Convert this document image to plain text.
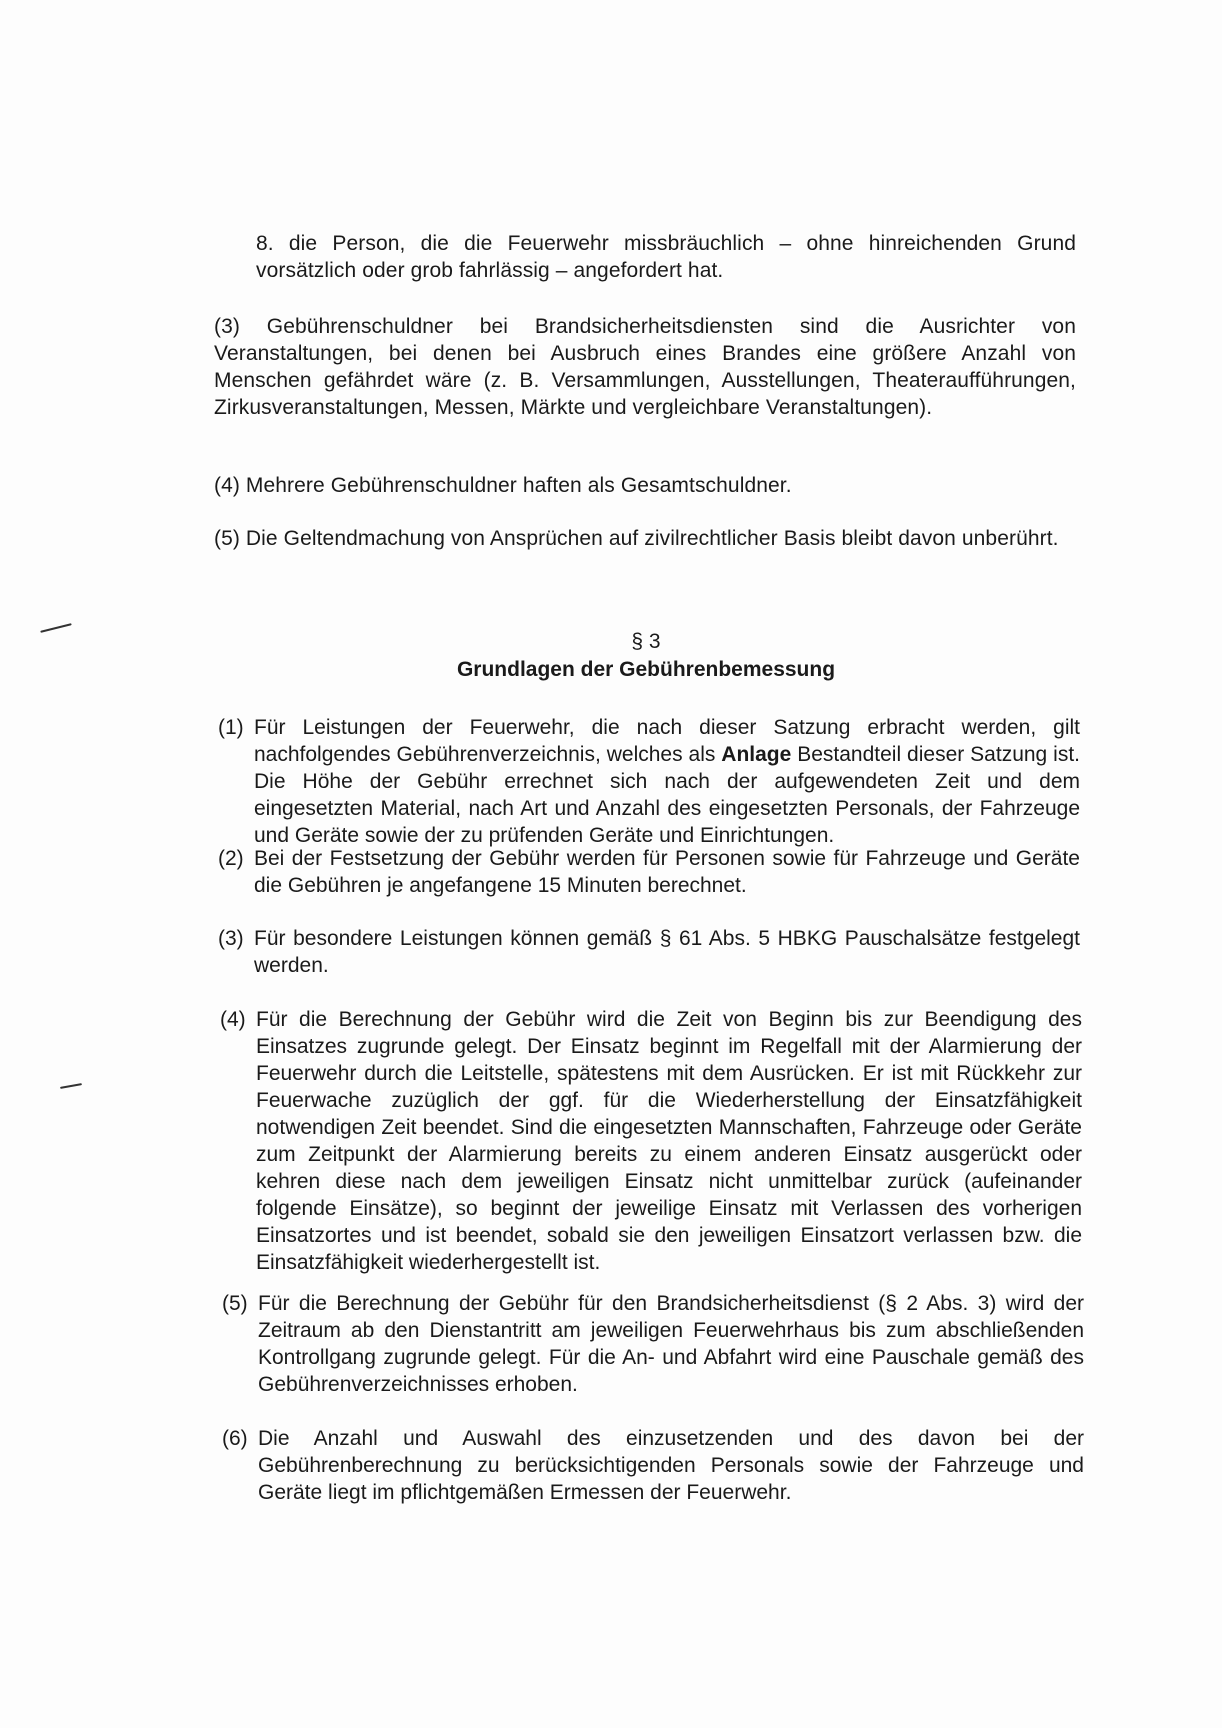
8. die Person, die die Feuerwehr missbräuchlich – ohne hinreichenden Grund vorsätzlich oder grob fahrlässig – angefordert hat.

(3) Gebührenschuldner bei Brandsicherheitsdiensten sind die Ausrichter von Veranstaltungen, bei denen bei Ausbruch eines Brandes eine größere Anzahl von Menschen gefährdet wäre (z. B. Versammlungen, Ausstellungen, Theateraufführungen, Zirkusveranstaltungen, Messen, Märkte und vergleichbare Veranstaltungen).

(4) Mehrere Gebührenschuldner haften als Gesamtschuldner.

(5) Die Geltendmachung von Ansprüchen auf zivilrechtlicher Basis bleibt davon unberührt.

§ 3

Grundlagen der Gebührenbemessung

(1) Für Leistungen der Feuerwehr, die nach dieser Satzung erbracht werden, gilt nachfolgendes Gebührenverzeichnis, welches als Anlage Bestandteil dieser Satzung ist. Die Höhe der Gebühr errechnet sich nach der aufgewendeten Zeit und dem eingesetzten Material, nach Art und Anzahl des eingesetzten Personals, der Fahrzeuge und Geräte sowie der zu prüfenden Geräte und Einrichtungen.
(2) Bei der Festsetzung der Gebühr werden für Personen sowie für Fahrzeuge und Geräte die Gebühren je angefangene 15 Minuten berechnet.
(3) Für besondere Leistungen können gemäß § 61 Abs. 5 HBKG Pauschalsätze festgelegt werden.
(4) Für die Berechnung der Gebühr wird die Zeit von Beginn bis zur Beendigung des Einsatzes zugrunde gelegt. Der Einsatz beginnt im Regelfall mit der Alarmierung der Feuerwehr durch die Leitstelle, spätestens mit dem Ausrücken. Er ist mit Rückkehr zur Feuerwache zuzüglich der ggf. für die Wiederherstellung der Einsatzfähigkeit notwendigen Zeit beendet. Sind die eingesetzten Mannschaften, Fahrzeuge oder Geräte zum Zeitpunkt der Alarmierung bereits zu einem anderen Einsatz ausgerückt oder kehren diese nach dem jeweiligen Einsatz nicht unmittelbar zurück (aufeinander folgende Einsätze), so beginnt der jeweilige Einsatz mit Verlassen des vorherigen Einsatzortes und ist beendet, sobald sie den jeweiligen Einsatzort verlassen bzw. die Einsatzfähigkeit wiederhergestellt ist.
(5) Für die Berechnung der Gebühr für den Brandsicherheitsdienst (§ 2 Abs. 3) wird der Zeitraum ab den Dienstantritt am jeweiligen Feuerwehrhaus bis zum abschließenden Kontrollgang zugrunde gelegt. Für die An- und Abfahrt wird eine Pauschale gemäß des Gebührenverzeichnisses erhoben.
(6) Die Anzahl und Auswahl des einzusetzenden und des davon bei der Gebührenberechnung zu berücksichtigenden Personals sowie der Fahrzeuge und Geräte liegt im pflichtgemäßen Ermessen der Feuerwehr.
